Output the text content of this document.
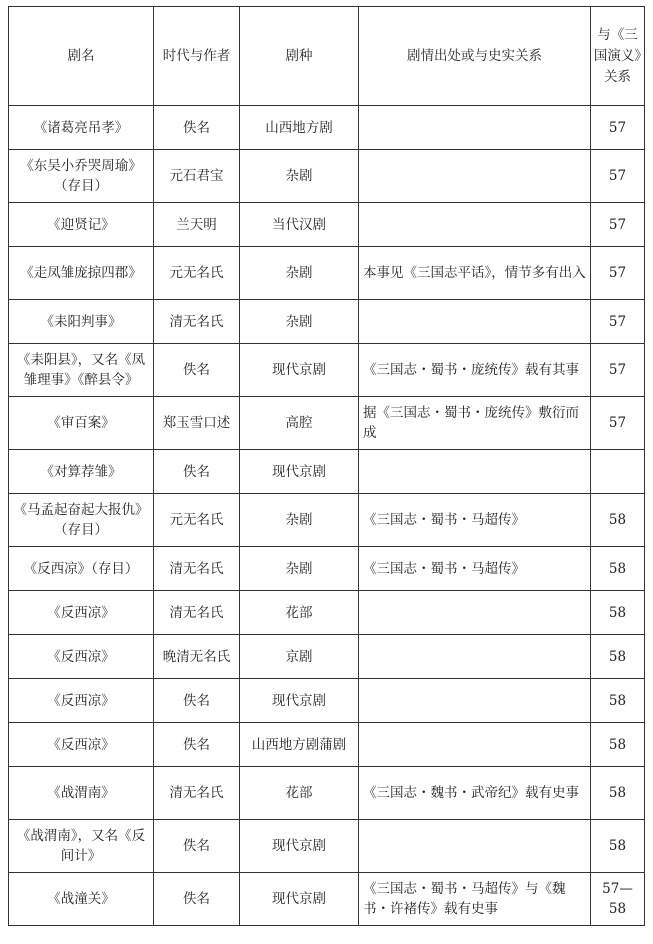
剧名	时代与作者	剧种	剧情出处或与史实关系	与《三国演义》关系
《诸葛亮吊孝》	佚名	山西地方剧		57
《东吴小乔哭周瑜》（存目）	元石君宝	杂剧		57
《迎贤记》	兰天明	当代汉剧		57
《走凤雏庞掠四郡》	元无名氏	杂剧	本事见《三国志平话》，情节多有出入	57
《耒阳判事》	清无名氏	杂剧		57
《耒阳县》，又名《凤雏理事》《醉县令》	佚名	现代京剧	《三国志・蜀书・庞统传》载有其事	57
《审百案》	郑玉雪口述	高腔	据《三国志・蜀书・庞统传》敷衍而成	57
《对算荐雏》	佚名	现代京剧		
《马孟起奋起大报仇》（存目）	元无名氏	杂剧	《三国志・蜀书・马超传》	58
《反西凉》（存目）	清无名氏	杂剧	《三国志・蜀书・马超传》	58
《反西凉》	清无名氏	花部		58
《反西凉》	晚清无名氏	京剧		58
《反西凉》	佚名	现代京剧		58
《反西凉》	佚名	山西地方剧蒲剧		58
《战渭南》	清无名氏	花部	《三国志・魏书・武帝纪》载有史事	58
《战渭南》，又名《反间计》	佚名	现代京剧		58
《战潼关》	佚名	现代京剧	《三国志・蜀书・马超传》与《魏书・许褚传》载有史事	57—58
